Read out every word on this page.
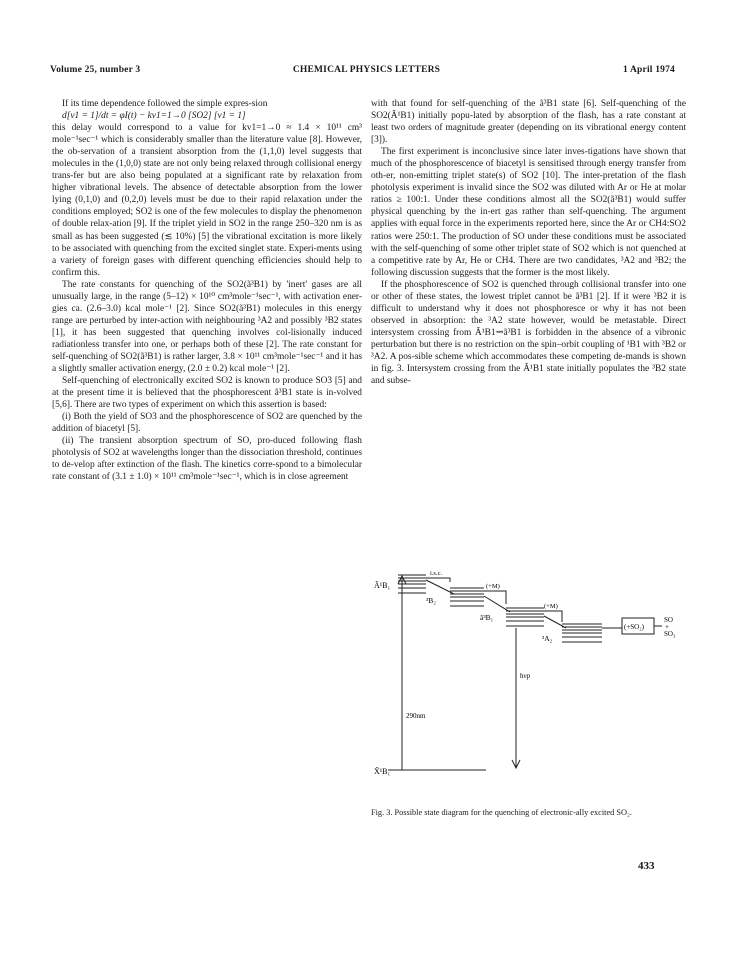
Volume 25, number 3	CHEMICAL PHYSICS LETTERS	1 April 1974

If its time dependence followed the simple expres-sion

d[v1 = 1]/dt = φI(t) − kv1=1→0 [SO2] [v1 = 1]

this delay would correspond to a value for kv1=1→0 ≈ 1.4 × 10¹¹ cm³ mole⁻¹sec⁻¹ which is considerably smaller than the literature value [8]. However, the ob-servation of a transient absorption from the (1,1,0) level suggests that molecules in the (1,0,0) state are not only being relaxed through collisional energy trans-fer but are also being populated at a significant rate by relaxation from higher vibrational levels. The absence of detectable absorption from the lower lying (0,1,0) and (0,2,0) levels must be due to their rapid relaxation under the conditions employed; SO2 is one of the few molecules to display the phenomenon of double relax-ation [9]. If the triplet yield in SO2 in the range 250–320 nm is as small as has been suggested (≲ 10%) [5] the vibrational excitation is more likely to be associated with quenching from the excited singlet state. Experi-ments using a variety of foreign gases with different quenching efficiencies should help to confirm this.

The rate constants for quenching of the SO2(ã³B1) by 'inert' gases are all unusually large, in the range (5–12) × 10¹⁰ cm³mole⁻¹sec⁻¹, with activation ener-gies ca. (2.6–3.0) kcal mole⁻¹ [2]. Since SO2(ã³B1) molecules in this energy range are perturbed by inter-action with neighbouring ³A2 and possibly ³B2 states [1], it has been suggested that quenching involves col-lisionally induced radiationless transfer into one, or perhaps both of these [2]. The rate constant for self-quenching of SO2(ã³B1) is rather larger, 3.8 × 10¹¹ cm³mole⁻¹sec⁻¹ and it has a slightly smaller activation energy, (2.0 ± 0.2) kcal mole⁻¹ [2].

Self-quenching of electronically excited SO2 is known to produce SO3 [5] and at the present time it is believed that the phosphorescent ã³B1 state is in-volved [5,6]. There are two types of experiment on which this assertion is based:

(i) Both the yield of SO3 and the phosphorescence of SO2 are quenched by the addition of biacetyl [5].

(ii) The transient absorption spectrum of SO, pro-duced following flash photolysis of SO2 at wavelengths longer than the dissociation threshold, continues to de-velop after extinction of the flash. The kinetics corre-spond to a bimolecular rate constant of (3.1 ± 1.0) × 10¹¹ cm³mole⁻¹sec⁻¹, which is in close agreement

with that found for self-quenching of the ã³B1 state [6]. Self-quenching of the SO2(Ã¹B1) initially popu-lated by absorption of the flash, has a rate constant at least two orders of magnitude greater (depending on its vibrational energy content [3]).

The first experiment is inconclusive since later inves-tigations have shown that much of the phosphorescence of biacetyl is sensitised through energy transfer from oth-er, non-emitting triplet state(s) of SO2 [10]. The inter-pretation of the flash photolysis experiment is invalid since the SO2 was diluted with Ar or He at molar ratios ≥ 100:1. Under these conditions almost all the SO2(ã³B1) would suffer physical quenching by the in-ert gas rather than self-quenching. The argument applies with equal force in the experiments reported here, since the Ar or CH4:SO2 ratios were 250:1. The production of SO under these conditions must be associated with the self-quenching of some other triplet state of SO2 which is not quenched at a competitive rate by Ar, He or CH4. There are two candidates, ³A2 and ³B2; the following discussion suggests that the former is the most likely.

If the phosphorescence of SO2 is quenched through collisional transfer into one or other of these states, the lowest triplet cannot be ã³B1 [2]. If it were ³B2 it is difficult to understand why it does not phosphoresce or why it has not been observed in absorption: the ³A2 state however, would be metastable. Direct intersystem crossing from Ã¹B1⇝ã³B1 is forbidden in the absence of a vibronic perturbation but there is no restriction on the spin–orbit coupling of ¹B1 with ³B2 or ³A2. A pos-sible scheme which accommodates these competing de-mands is shown in fig. 3. Intersystem crossing from the Ã¹B1 state initially populates the ³B2 state and subse-

Ã¹B₁
X̃¹B₁
³B₂
ã³B₁
³A₂
i.s.c.
(+M)
(+M)
(+SO₂)
SO
+
SO₃
hνp
290nm
Fig. 3. Possible state diagram for the quenching of electronic-ally excited SO₂.
433
